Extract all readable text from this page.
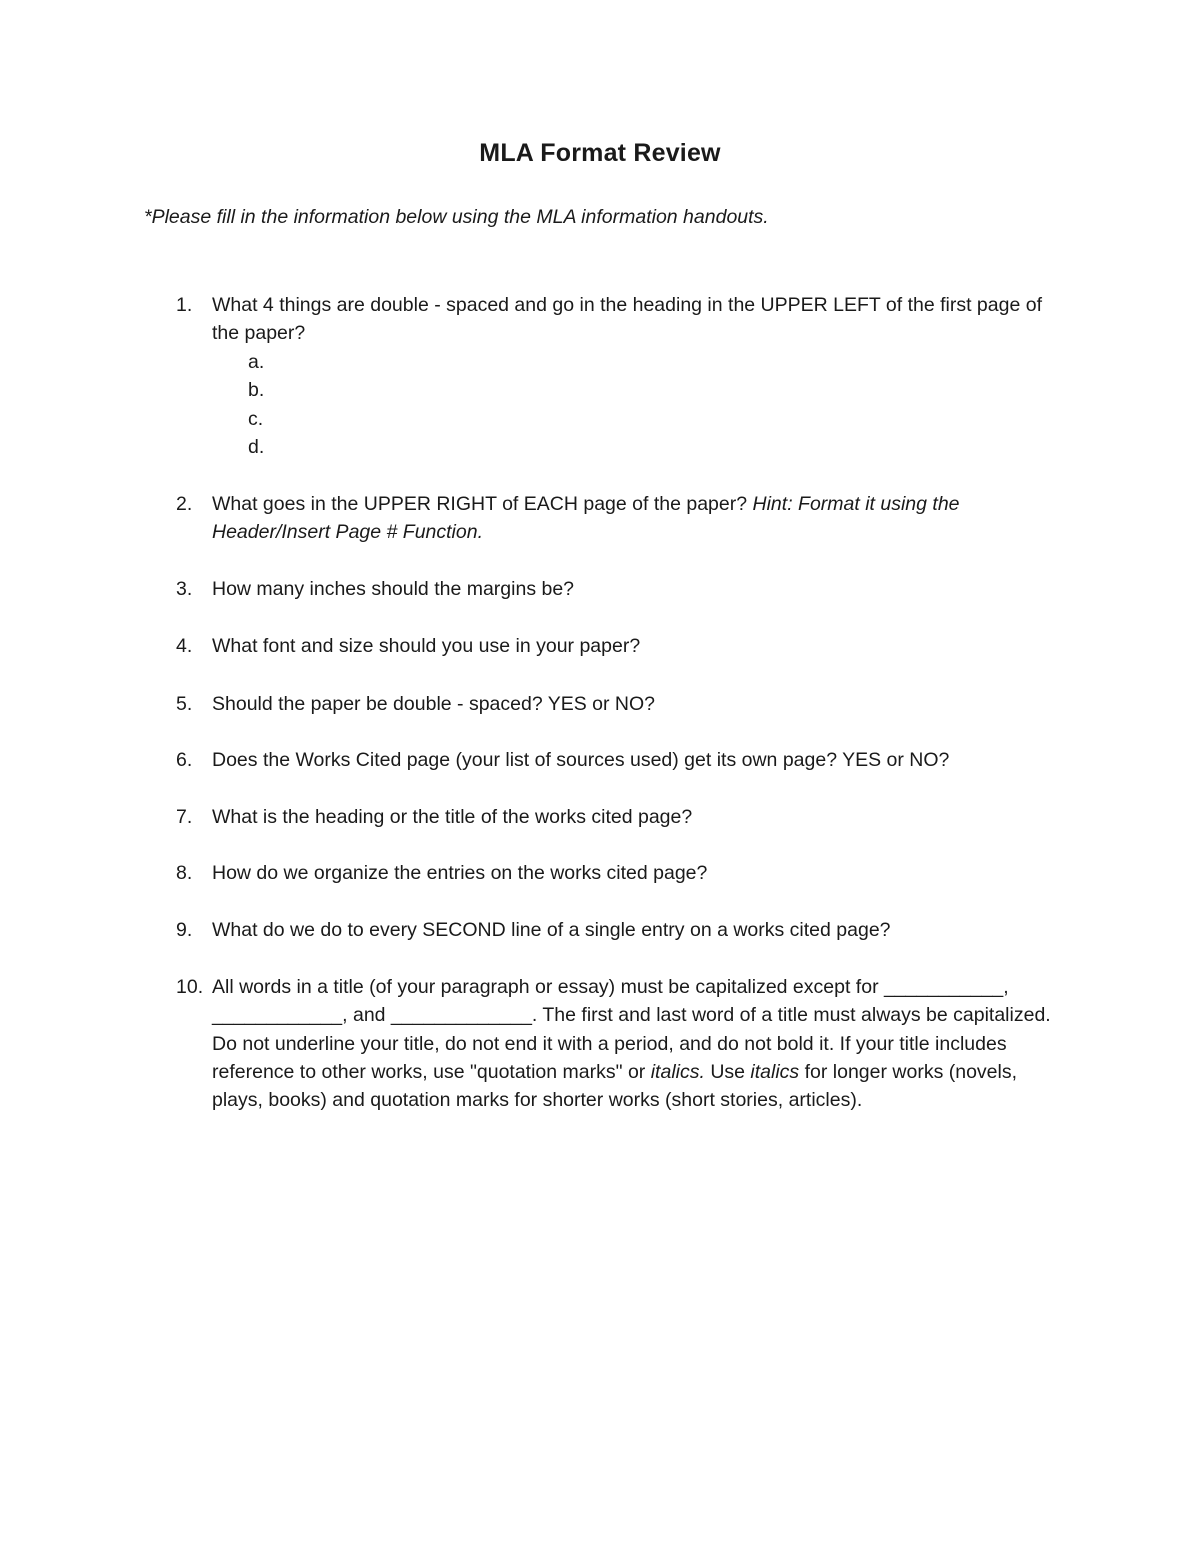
MLA Format Review
*Please fill in the information below using the MLA information handouts.
1. What 4 things are double - spaced and go in the heading in the UPPER LEFT of the first page of the paper?
a.
b.
c.
d.
2. What goes in the UPPER RIGHT of EACH page of the paper? Hint: Format it using the Header/Insert Page # Function.
3. How many inches should the margins be?
4. What font and size should you use in your paper?
5. Should the paper be double - spaced? YES or NO?
6. Does the Works Cited page (your list of sources used) get its own page? YES or NO?
7. What is the heading or the title of the works cited page?
8. How do we organize the entries on the works cited page?
9. What do we do to every SECOND line of a single entry on a works cited page?
10. All words in a title (of your paragraph or essay) must be capitalized except for ___________, ____________, and _____________. The first and last word of a title must always be capitalized. Do not underline your title, do not end it with a period, and do not bold it. If your title includes reference to other works, use "quotation marks" or italics. Use italics for longer works (novels, plays, books) and quotation marks for shorter works (short stories, articles).
